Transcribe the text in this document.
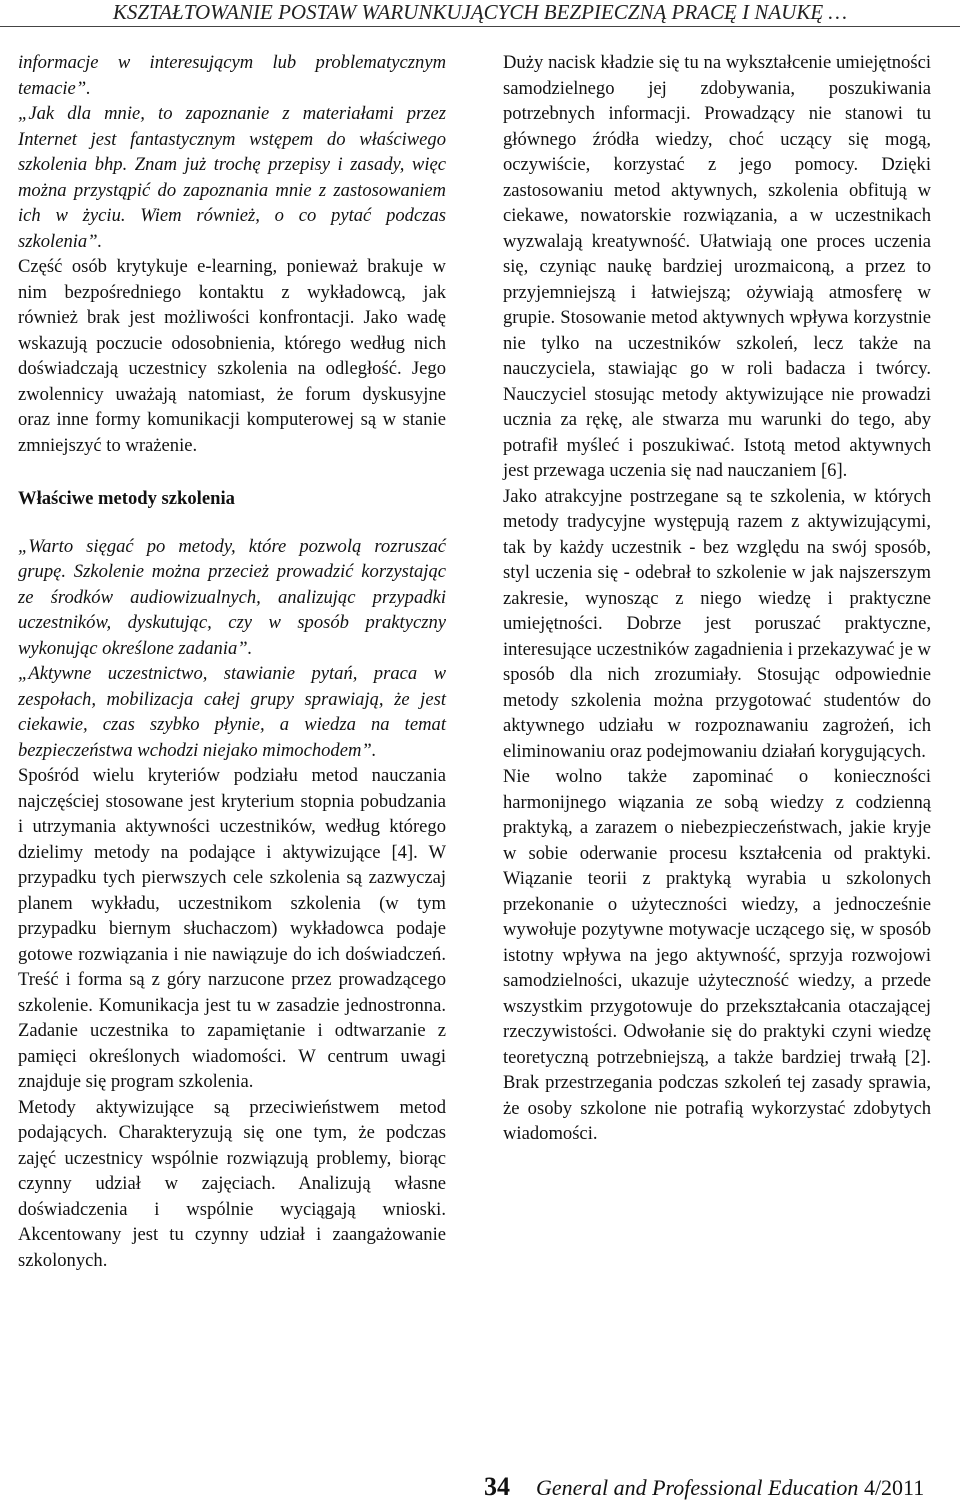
KSZTAŁTOWANIE POSTAW WARUNKUJĄCYCH BEZPIECZNĄ PRACĘ I NAUKĘ …

informacje w interesującym lub problematycznym temacie”.

„Jak dla mnie, to zapoznanie z materiałami przez Internet jest fantastycznym wstępem do właściwego szkolenia bhp. Znam już trochę przepisy i zasady, więc można przystąpić do zapoznania mnie z zastosowaniem ich w życiu. Wiem również, o co pytać podczas szkolenia”.

Część osób krytykuje e-learning, ponieważ brakuje w nim bezpośredniego kontaktu z wykładowcą, jak również brak jest możliwości konfrontacji. Jako wadę wskazują poczucie odosobnienia, którego według nich doświadczają uczestnicy szkolenia na odległość. Jego zwolennicy uważają natomiast, że forum dyskusyjne oraz inne formy komunikacji komputerowej są w stanie zmniejszyć to wrażenie.

Właściwe metody szkolenia

„Warto sięgać po metody, które pozwolą rozruszać grupę. Szkolenie można przecież prowadzić korzystając ze środków audiowizualnych, analizując przypadki uczestników, dyskutując, czy w sposób praktyczny wykonując określone zadania”.

„Aktywne uczestnictwo, stawianie pytań, praca w zespołach, mobilizacja całej grupy sprawiają, że jest ciekawie, czas szybko płynie, a wiedza na temat bezpieczeństwa wchodzi niejako mimochodem”.

Spośród wielu kryteriów podziału metod nauczania najczęściej stosowane jest kryterium stopnia pobudzania i utrzymania aktywności uczestników, według którego dzielimy metody na podające i aktywizujące [4]. W przypadku tych pierwszych cele szkolenia są zazwyczaj planem wykładu, uczestnikom szkolenia (w tym przypadku biernym słuchaczom) wykładowca podaje gotowe rozwiązania i nie nawiązuje do ich doświadczeń. Treść i forma są z góry narzucone przez prowadzącego szkolenie. Komunikacja jest tu w zasadzie jednostronna. Zadanie uczestnika to zapamiętanie i odtwarzanie z pamięci określonych wiadomości. W centrum uwagi znajduje się program szkolenia.

Metody aktywizujące są przeciwieństwem metod podających. Charakteryzują się one tym, że podczas zajęć uczestnicy wspólnie rozwiązują problemy, biorąc czynny udział w zajęciach. Analizują własne doświadczenia i wspólnie wyciągają wnioski. Akcentowany jest tu czynny udział i zaangażowanie szkolonych.

Duży nacisk kładzie się tu na wykształcenie umiejętności samodzielnego jej zdobywania, poszukiwania potrzebnych informacji. Prowadzący nie stanowi tu głównego źródła wiedzy, choć uczący się mogą, oczywiście, korzystać z jego pomocy. Dzięki zastosowaniu metod aktywnych, szkolenia obfitują w ciekawe, nowatorskie rozwiązania, a w uczestnikach wyzwalają kreatywność. Ułatwiają one proces uczenia się, czyniąc naukę bardziej urozmaiconą, a przez to przyjemniejszą i łatwiejszą; ożywiają atmosferę w grupie. Stosowanie metod aktywnych wpływa korzystnie nie tylko na uczestników szkoleń, lecz także na nauczyciela, stawiając go w roli badacza i twórcy. Nauczyciel stosując metody aktywizujące nie prowadzi ucznia za rękę, ale stwarza mu warunki do tego, aby potrafił myśleć i poszukiwać. Istotą metod aktywnych jest przewaga uczenia się nad nauczaniem [6].

Jako atrakcyjne postrzegane są te szkolenia, w których metody tradycyjne występują razem z aktywizującymi, tak by każdy uczestnik - bez względu na swój sposób, styl uczenia się - odebrał to szkolenie w jak najszerszym zakresie, wynosząc z niego wiedzę i praktyczne umiejętności. Dobrze jest poruszać praktyczne, interesujące uczestników zagadnienia i przekazywać je w sposób dla nich zrozumiały. Stosując odpowiednie metody szkolenia można przygotować studentów do aktywnego udziału w rozpoznawaniu zagrożeń, ich eliminowaniu oraz podejmowaniu działań korygujących.

Nie wolno także zapominać o konieczności harmonijnego wiązania ze sobą wiedzy z codzienną praktyką, a zarazem o niebezpieczeństwach, jakie kryje w sobie oderwanie procesu kształcenia od praktyki. Wiązanie teorii z praktyką wyrabia u szkolonych przekonanie o użyteczności wiedzy, a jednocześnie wywołuje pozytywne motywacje uczącego się, w sposób istotny wpływa na jego aktywność, sprzyja rozwojowi samodzielności, ukazuje użyteczność wiedzy, a przede wszystkim przygotowuje do przekształcania otaczającej rzeczywistości. Odwołanie się do praktyki czyni wiedzę teoretyczną potrzebniejszą, a także bardziej trwałą [2]. Brak przestrzegania podczas szkoleń tej zasady sprawia, że osoby szkolone nie potrafią wykorzystać zdobytych wiadomości.

34 General and Professional Education 4/2011
